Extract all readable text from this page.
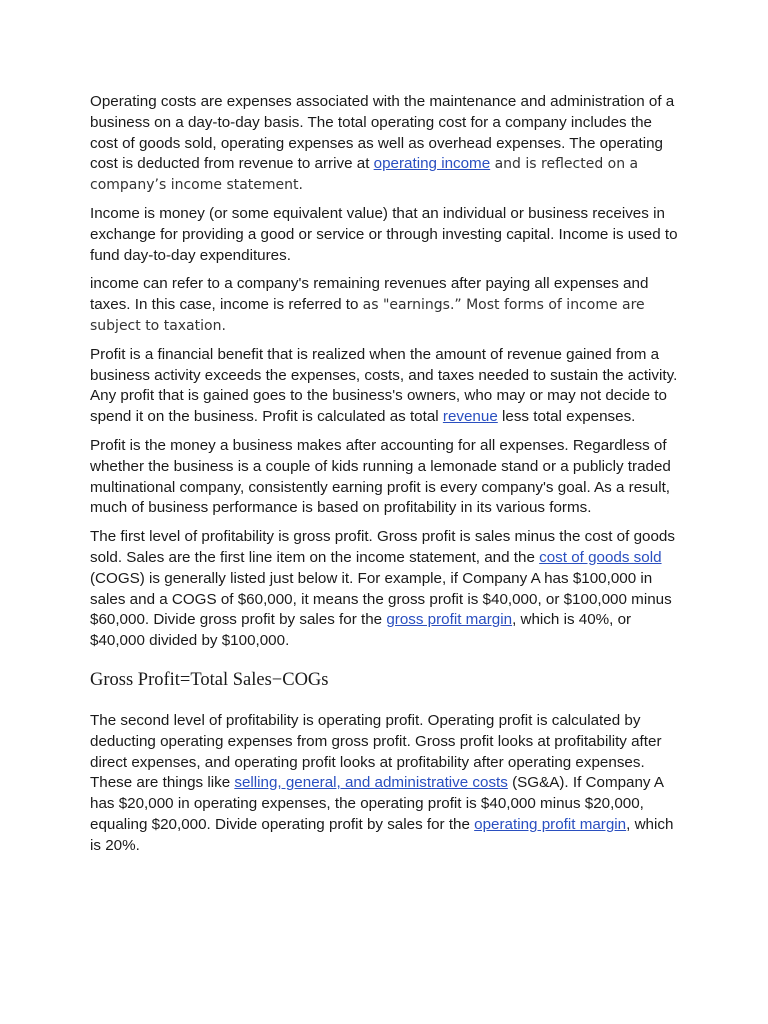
Operating costs are expenses associated with the maintenance and administration of a business on a day-to-day basis. The total operating cost for a company includes the cost of goods sold, operating expenses as well as overhead expenses. The operating cost is deducted from revenue to arrive at operating income and is reflected on a company’s income statement.

Income is money (or some equivalent value) that an individual or business receives in exchange for providing a good or service or through investing capital. Income is used to fund day-to-day expenditures.

income can refer to a company's remaining revenues after paying all expenses and taxes. In this case, income is referred to as "earnings.” Most forms of income are subject to taxation.

Profit is a financial benefit that is realized when the amount of revenue gained from a business activity exceeds the expenses, costs, and taxes needed to sustain the activity. Any profit that is gained goes to the business's owners, who may or may not decide to spend it on the business. Profit is calculated as total revenue less total expenses.

Profit is the money a business makes after accounting for all expenses. Regardless of whether the business is a couple of kids running a lemonade stand or a publicly traded multinational company, consistently earning profit is every company's goal. As a result, much of business performance is based on profitability in its various forms.

The first level of profitability is gross profit. Gross profit is sales minus the cost of goods sold. Sales are the first line item on the income statement, and the cost of goods sold (COGS) is generally listed just below it. For example, if Company A has $100,000 in sales and a COGS of $60,000, it means the gross profit is $40,000, or $100,000 minus $60,000. Divide gross profit by sales for the gross profit margin, which is 40%, or $40,000 divided by $100,000.

Gross Profit=Total Sales−COGs

The second level of profitability is operating profit. Operating profit is calculated by deducting operating expenses from gross profit. Gross profit looks at profitability after direct expenses, and operating profit looks at profitability after operating expenses. These are things like selling, general, and administrative costs (SG&A). If Company A has $20,000 in operating expenses, the operating profit is $40,000 minus $20,000, equaling $20,000. Divide operating profit by sales for the operating profit margin, which is 20%.
